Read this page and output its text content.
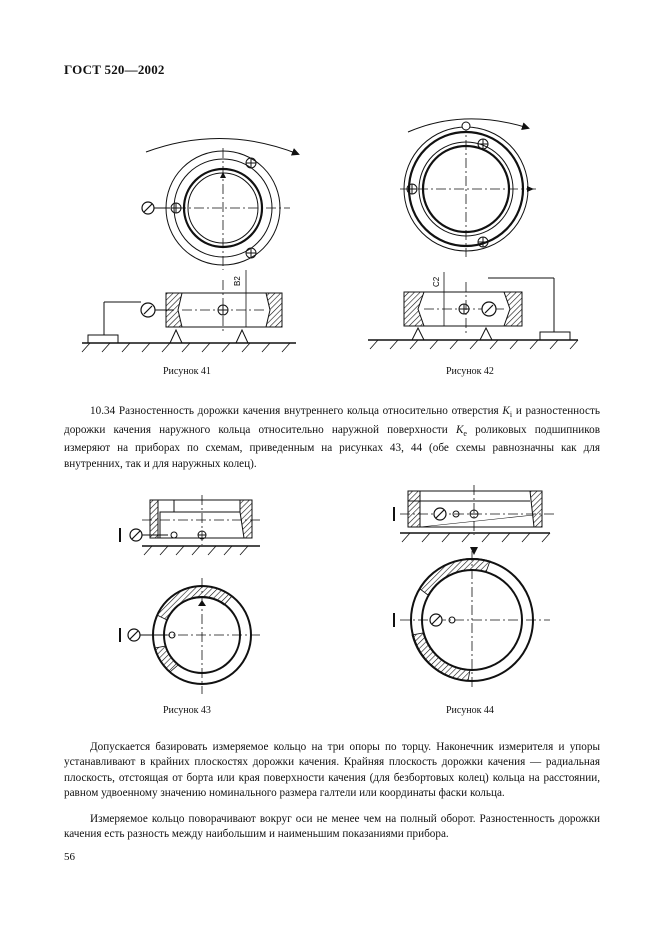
ГОСТ 520—2002
B2
Рисунок 41
C2
Рисунок 42

10.34 Разностенность дорожки качения внутреннего кольца относительно отверстия $K_i$ и разностенность дорожки качения наружного кольца относительно наружной поверхности $K_e$ роликовых подшипников измеряют на приборах по схемам, приведенным на рисунках 43, 44 (обе схемы равнозначны как для внутренних, так и для наружных колец).

Рисунок 43	Рисунок 44

Допускается базировать измеряемое кольцо на три опоры по торцу. Наконечник измерителя и упоры устанавливают в крайних плоскостях дорожки качения. Крайняя плоскость дорожки качения — радиальная плоскость, отстоящая от борта или края поверхности качения (для безбортовых колец) кольца на расстоянии, равном удвоенному значению номинального размера галтели или координаты фаски кольца.

Измеряемое кольцо поворачивают вокруг оси не менее чем на полный оборот. Разностенность дорожки качения есть разность между наибольшим и наименьшим показаниями прибора.

56
